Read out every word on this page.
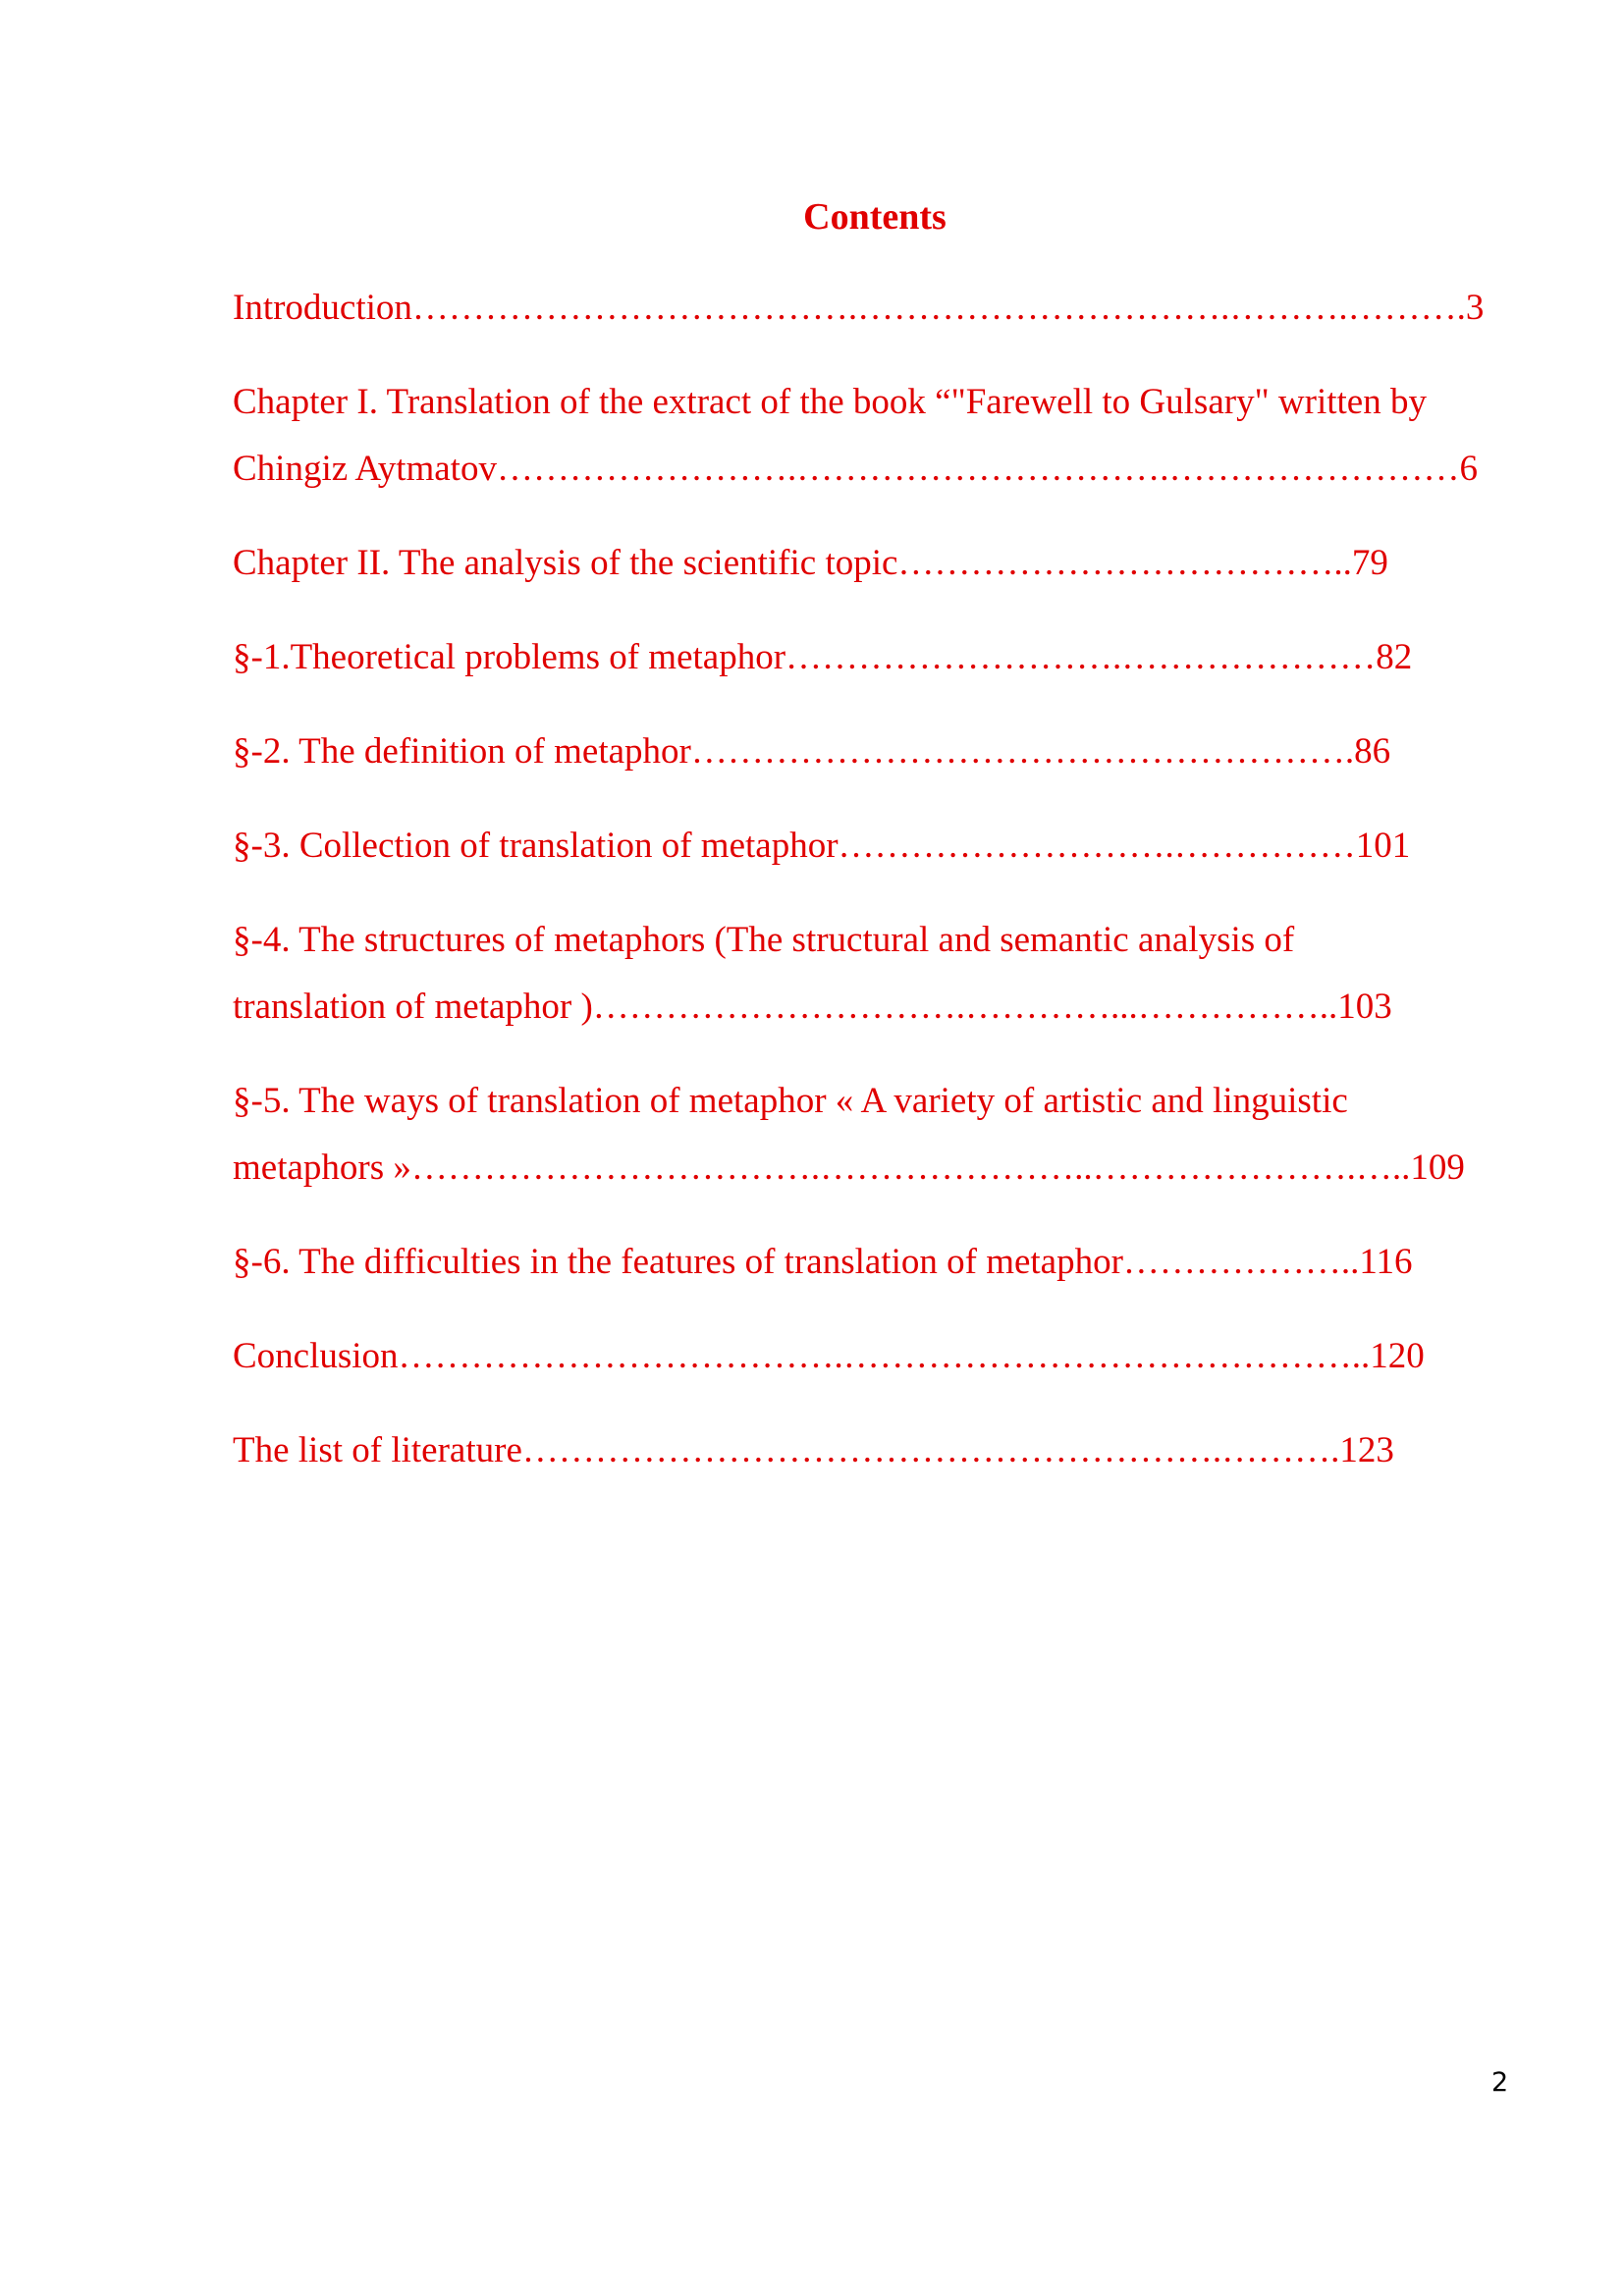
Contents
Introduction……………………………….………………………….……….……….3
Chapter I. Translation of the extract of the book “"Farewell to Gulsary" written by
Chingiz Aytmatov…………………….………………………….……………………6
Chapter II. The analysis of the scientific topic………………………………..79
§-1.Theoretical problems of metaphor……………………….…………………82
§-2. The definition of metaphor……………………………………………….86
§-3. Collection of translation of metaphor……………………….……………101
§-4. The structures of metaphors (The structural and semantic analysis of
translation of metaphor )………………………….…………...……………..103
§-5. The ways of translation of metaphor « A variety of artistic and linguistic
metaphors »…………………………….…………………..………………….…..109
§-6. The difficulties in the features of translation of metaphor………………..116
Conclusion……………………………….……………………………………..120
The list of literature………………………………………………….……….123
2
